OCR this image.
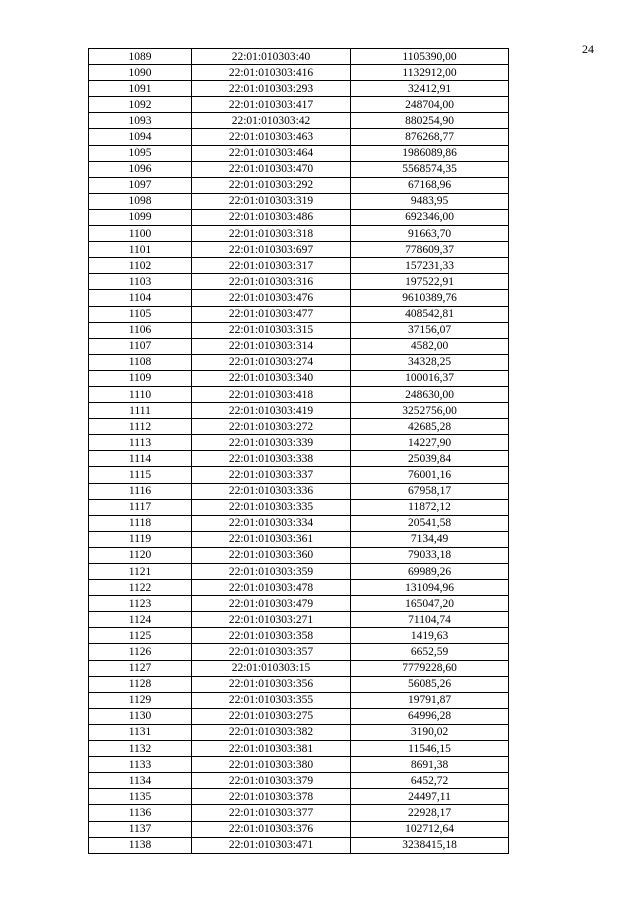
24
1089	22:01:010303:40	1105390,00
1090	22:01:010303:416	1132912,00
1091	22:01:010303:293	32412,91
1092	22:01:010303:417	248704,00
1093	22:01:010303:42	880254,90
1094	22:01:010303:463	876268,77
1095	22:01:010303:464	1986089,86
1096	22:01:010303:470	5568574,35
1097	22:01:010303:292	67168,96
1098	22:01:010303:319	9483,95
1099	22:01:010303:486	692346,00
1100	22:01:010303:318	91663,70
1101	22:01:010303:697	778609,37
1102	22:01:010303:317	157231,33
1103	22:01:010303:316	197522,91
1104	22:01:010303:476	9610389,76
1105	22:01:010303:477	408542,81
1106	22:01:010303:315	37156,07
1107	22:01:010303:314	4582,00
1108	22:01:010303:274	34328,25
1109	22:01:010303:340	100016,37
1110	22:01:010303:418	248630,00
1111	22:01:010303:419	3252756,00
1112	22:01:010303:272	42685,28
1113	22:01:010303:339	14227,90
1114	22:01:010303:338	25039,84
1115	22:01:010303:337	76001,16
1116	22:01:010303:336	67958,17
1117	22:01:010303:335	11872,12
1118	22:01:010303:334	20541,58
1119	22:01:010303:361	7134,49
1120	22:01:010303:360	79033,18
1121	22:01:010303:359	69989,26
1122	22:01:010303:478	131094,96
1123	22:01:010303:479	165047,20
1124	22:01:010303:271	71104,74
1125	22:01:010303:358	1419,63
1126	22:01:010303:357	6652,59
1127	22:01:010303:15	7779228,60
1128	22:01:010303:356	56085,26
1129	22:01:010303:355	19791,87
1130	22:01:010303:275	64996,28
1131	22:01:010303:382	3190,02
1132	22:01:010303:381	11546,15
1133	22:01:010303:380	8691,38
1134	22:01:010303:379	6452,72
1135	22:01:010303:378	24497,11
1136	22:01:010303:377	22928,17
1137	22:01:010303:376	102712,64
1138	22:01:010303:471	3238415,18
